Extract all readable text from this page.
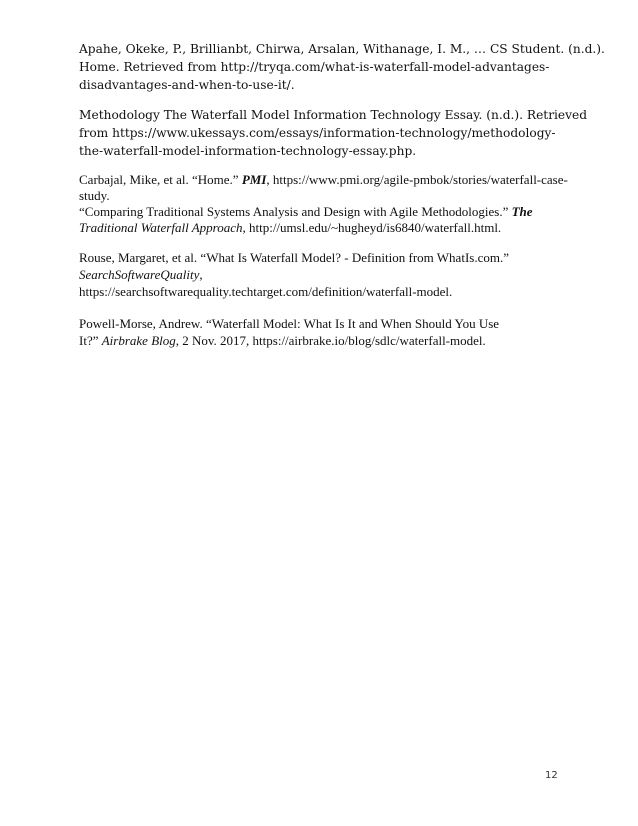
Apahe, Okeke, P., Brillianbt, Chirwa, Arsalan, Withanage, I. M., … CS Student. (n.d.).
Home. Retrieved from http://tryqa.com/what-is-waterfall-model-advantages-
disadvantages-and-when-to-use-it/.

Methodology The Waterfall Model Information Technology Essay. (n.d.). Retrieved
from https://www.ukessays.com/essays/information-technology/methodology-
the-waterfall-model-information-technology-essay.php.

Carbajal, Mike, et al. “Home.” PMI, https://www.pmi.org/agile-pmbok/stories/waterfall-case-
study.
“Comparing Traditional Systems Analysis and Design with Agile Methodologies.” The
Traditional Waterfall Approach, http://umsl.edu/~hugheyd/is6840/waterfall.html.

Rouse, Margaret, et al. “What Is Waterfall Model? - Definition from WhatIs.com.”
SearchSoftwareQuality,
https://searchsoftwarequality.techtarget.com/definition/waterfall-model.

Powell-Morse, Andrew. “Waterfall Model: What Is It and When Should You Use
It?” Airbrake Blog, 2 Nov. 2017, https://airbrake.io/blog/sdlc/waterfall-model.

12
